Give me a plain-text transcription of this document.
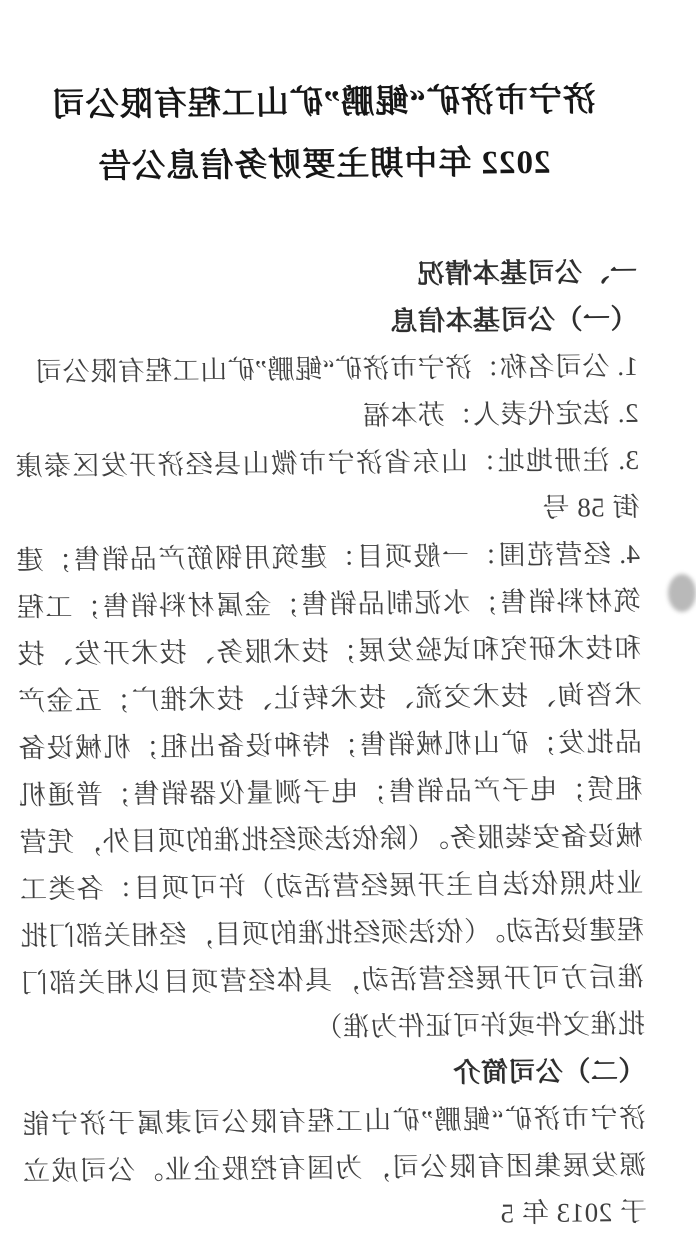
济宁市济矿“鲲鹏”矿山工程有限公司
2022 年中期主要财务信息公告

一、公司基本情况

（一）公司基本信息

1. 公司名称：济宁市济矿“鲲鹏”矿山工程有限公司

2. 法定代表人：苏本福

3. 注册地址：山东省济宁市微山县经济开发区泰康街 58 号

4. 经营范围：一般项目：建筑用钢筋产品销售；建筑材料销售；水泥制品销售；金属材料销售；工程和技术研究和试验发展；技术服务、技术开发、技术咨询、技术交流、技术转让、技术推广；五金产品批发；矿山机械销售；特种设备出租；机械设备租赁；电子产品销售；电子测量仪器销售；普通机械设备安装服务。（除依法须经批准的项目外，凭营业执照依法自主开展经营活动）许可项目：各类工程建设活动。（依法须经批准的项目，经相关部门批准后方可开展经营活动，具体经营项目以相关部门批准文件或许可证件为准）

（二）公司简介

济宁市济矿“鲲鹏”矿山工程有限公司隶属于济宁能源发展集团有限公司，为国有控股企业。公司成立于 2013 年 5
